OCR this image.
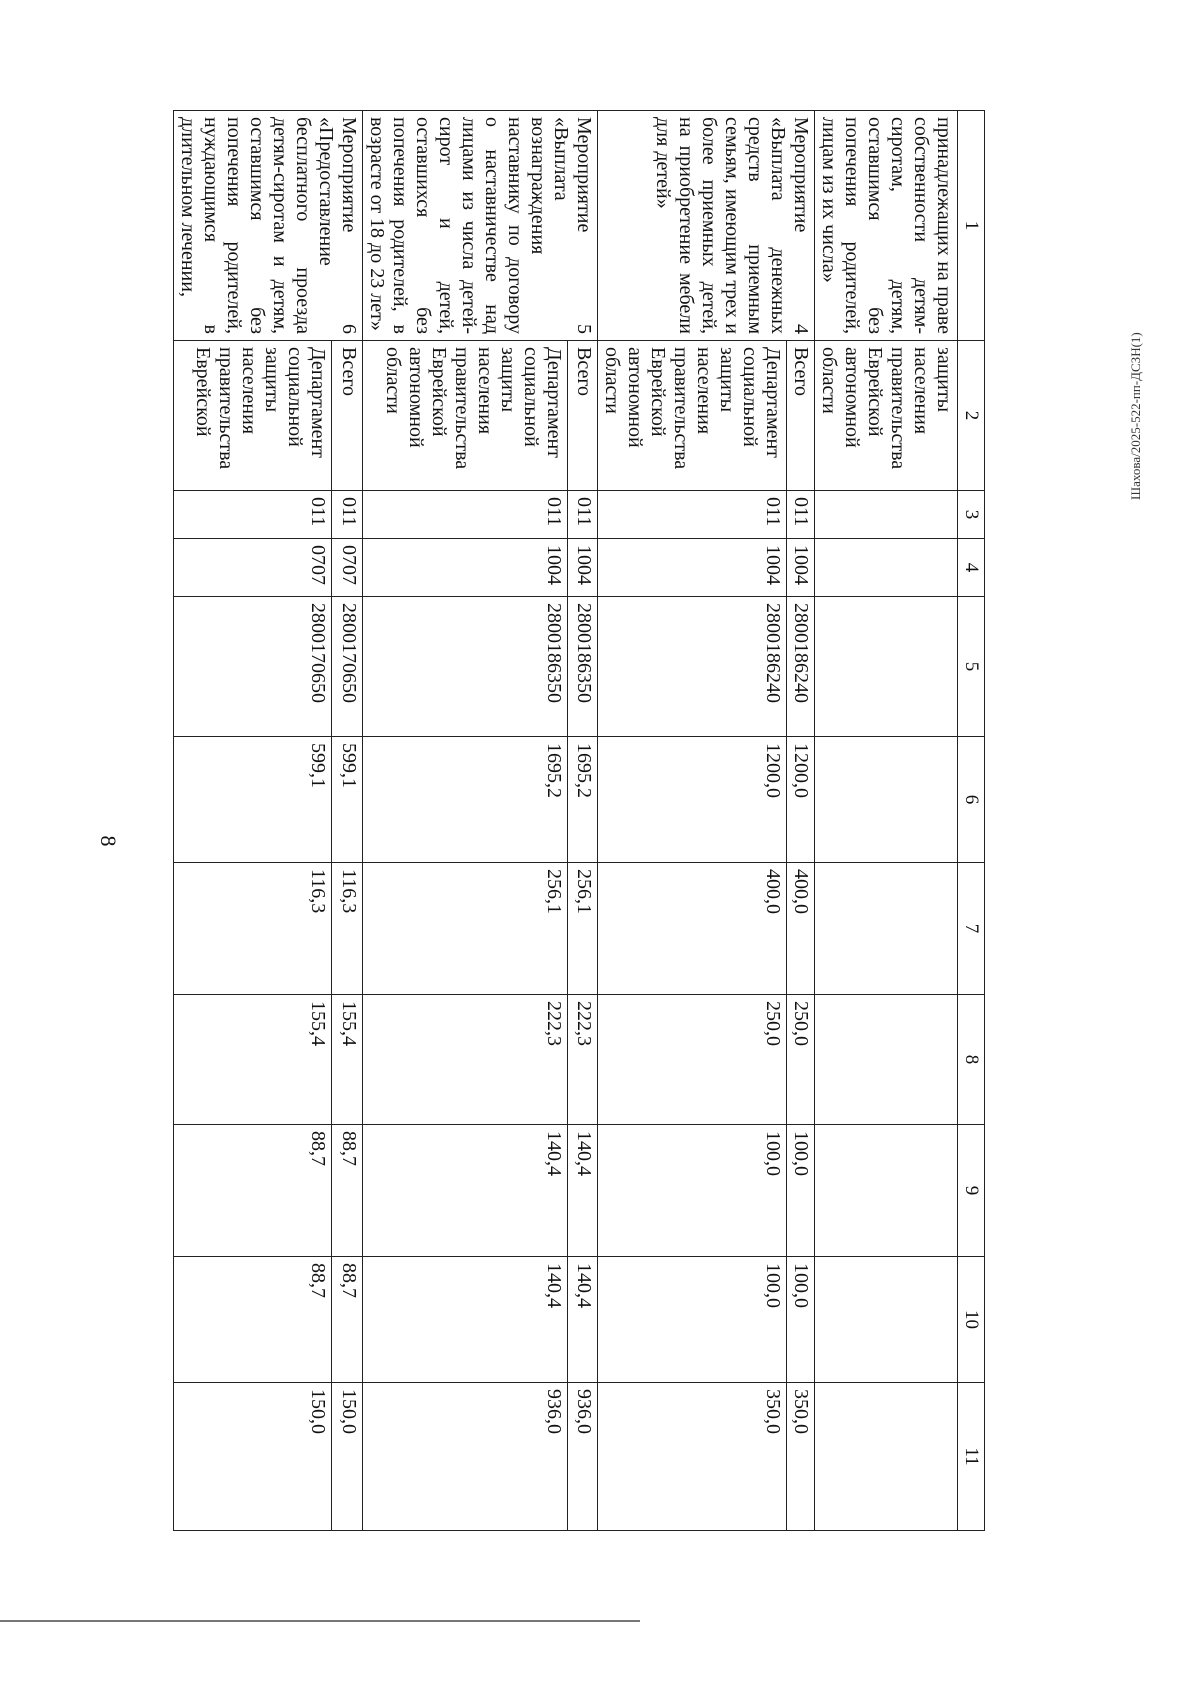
8
Шахова/2025-522-пп-ДСЗН(1)
1	2	3	4	5	6	7	8	9	10	11
принадлежащих на праве собственности детям-сиротам, детям, оставшимся без попечения родителей, лицам из их числа»	защиты населения правительства Еврейской автономной области									
Мероприятие 4 «Выплата денежных средств приемным семьям, имеющим трех и более приемных детей, на приобретение мебели для детей»	Всего	011	1004	2800186240	1200,0	400,0	250,0	100,0	100,0	350,0
	Департамент социальной защиты населения правительства Еврейской автономной области	011	1004	2800186240	1200,0	400,0	250,0	100,0	100,0	350,0
Мероприятие 5 «Выплата вознаграждения наставнику по договору о наставничестве над лицами из числа детей-сирот и детей, оставшихся без попечения родителей, в возрасте от 18 до 23 лет»	Всего	011	1004	2800186350	1695,2	256,1	222,3	140,4	140,4	936,0
	Департамент социальной защиты населения правительства Еврейской автономной области	011	1004	2800186350	1695,2	256,1	222,3	140,4	140,4	936,0
Мероприятие 6 «Предоставление бесплатного проезда детям-сиротам и детям, оставшимся без попечения родителей, нуждающимся в длительном лечении,	Всего	011	0707	2800170650	599,1	116,3	155,4	88,7	88,7	150,0
	Департамент социальной защиты населения правительства Еврейской	011	0707	2800170650	599,1	116,3	155,4	88,7	88,7	150,0
